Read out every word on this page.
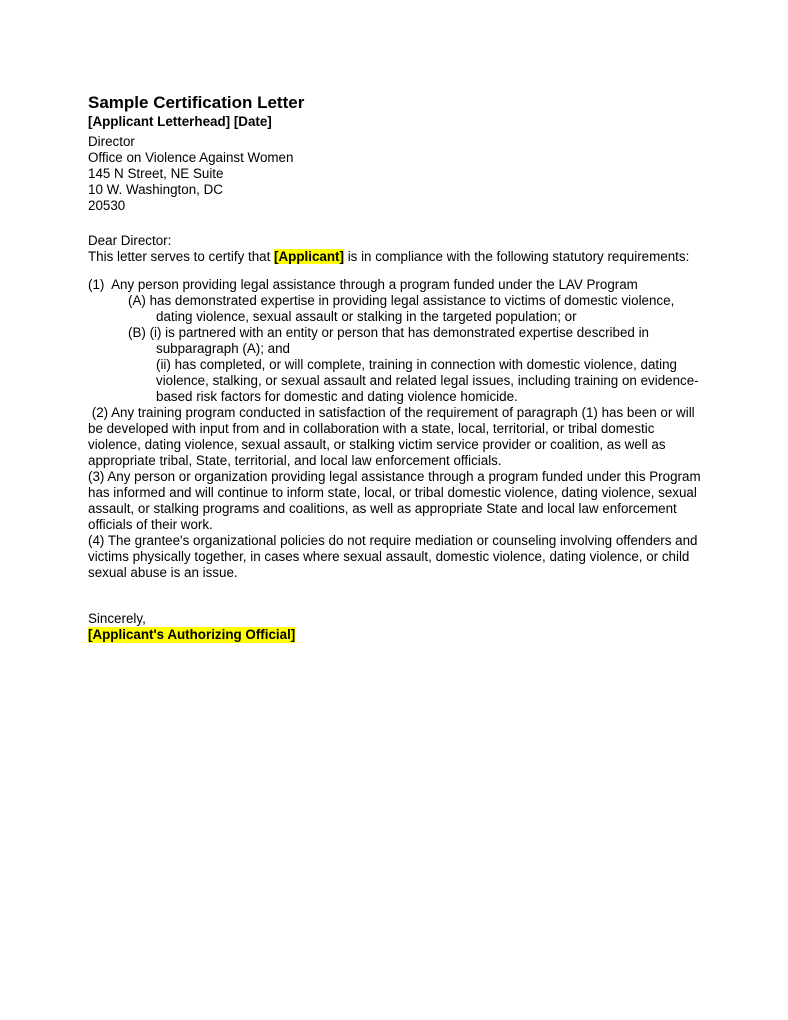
Sample Certification Letter
[Applicant Letterhead] [Date]
Director
Office on Violence Against Women
145 N Street, NE Suite
10 W. Washington, DC
20530
Dear Director:
This letter serves to certify that [Applicant] is in compliance with the following statutory requirements:
(1)  Any person providing legal assistance through a program funded under the LAV Program
(A) has demonstrated expertise in providing legal assistance to victims of domestic violence, dating violence, sexual assault or stalking in the targeted population; or
(B) (i) is partnered with an entity or person that has demonstrated expertise described in subparagraph (A); and
(ii) has completed, or will complete, training in connection with domestic violence, dating violence, stalking, or sexual assault and related legal issues, including training on evidence-based risk factors for domestic and dating violence homicide.
(2) Any training program conducted in satisfaction of the requirement of paragraph (1) has been or will be developed with input from and in collaboration with a state, local, territorial, or tribal domestic violence, dating violence, sexual assault, or stalking victim service provider or coalition, as well as appropriate tribal, State, territorial, and local law enforcement officials.
(3) Any person or organization providing legal assistance through a program funded under this Program has informed and will continue to inform state, local, or tribal domestic violence, dating violence, sexual assault, or stalking programs and coalitions, as well as appropriate State and local law enforcement officials of their work.
(4) The grantee's organizational policies do not require mediation or counseling involving offenders and victims physically together, in cases where sexual assault, domestic violence, dating violence, or child sexual abuse is an issue.
Sincerely,
[Applicant's Authorizing Official]
